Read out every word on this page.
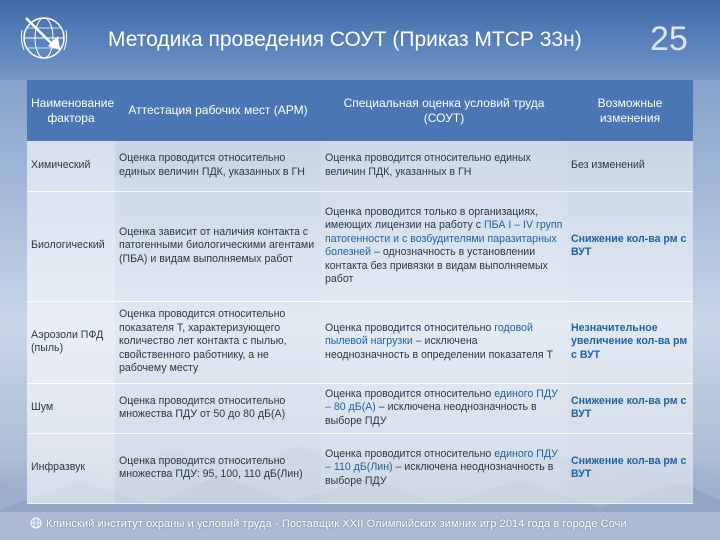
Методика проведения СОУТ (Приказ МТСР 33н) 25
Наименование фактора	Аттестация рабочих мест (АРМ)	Специальная оценка условий труда (СОУТ)	Возможные изменения
Химический	Оценка проводится относительно единых величин ПДК, указанных в ГН	Оценка проводится относительно единых величин ПДК, указанных в ГН	Без изменений
Биологический	Оценка зависит от наличия контакта с патогенными биологическими агентами (ПБА) и видам выполняемых работ	Оценка проводится только в организациях, имеющих лицензии на работу с ПБА I – IV групп патогенности и с возбудителями паразитарных болезней – однозначность в установлении контакта без привязки в видам выполняемых работ	Снижение кол-ва рм с ВУТ
Аэрозоли ПФД (пыль)	Оценка проводится относительно показателя Т, характеризующего количество лет контакта с пылью, свойственного работнику, а не рабочему месту	Оценка проводится относительно годовой пылевой нагрузки – исключена неоднозначность в определении показателя Т	Незначительное увеличение кол-ва рм с ВУТ
Шум	Оценка проводится относительно множества ПДУ от 50 до 80 дБ(А)	Оценка проводится относительно единого ПДУ – 80 дБ(А) – исключена неоднозначность в выборе ПДУ	Снижение кол-ва рм с ВУТ
Инфразвук	Оценка проводится относительно множества ПДУ: 95, 100, 110 дБ(Лин)	Оценка проводится относительно единого ПДУ – 110 дБ(Лин) – исключена неоднозначность в выборе ПДУ	Снижение кол-ва рм с ВУТ
Клинский институт охраны и условий труда - Поставщик XXII Олимпийских зимних игр 2014 года в городе Сочи
